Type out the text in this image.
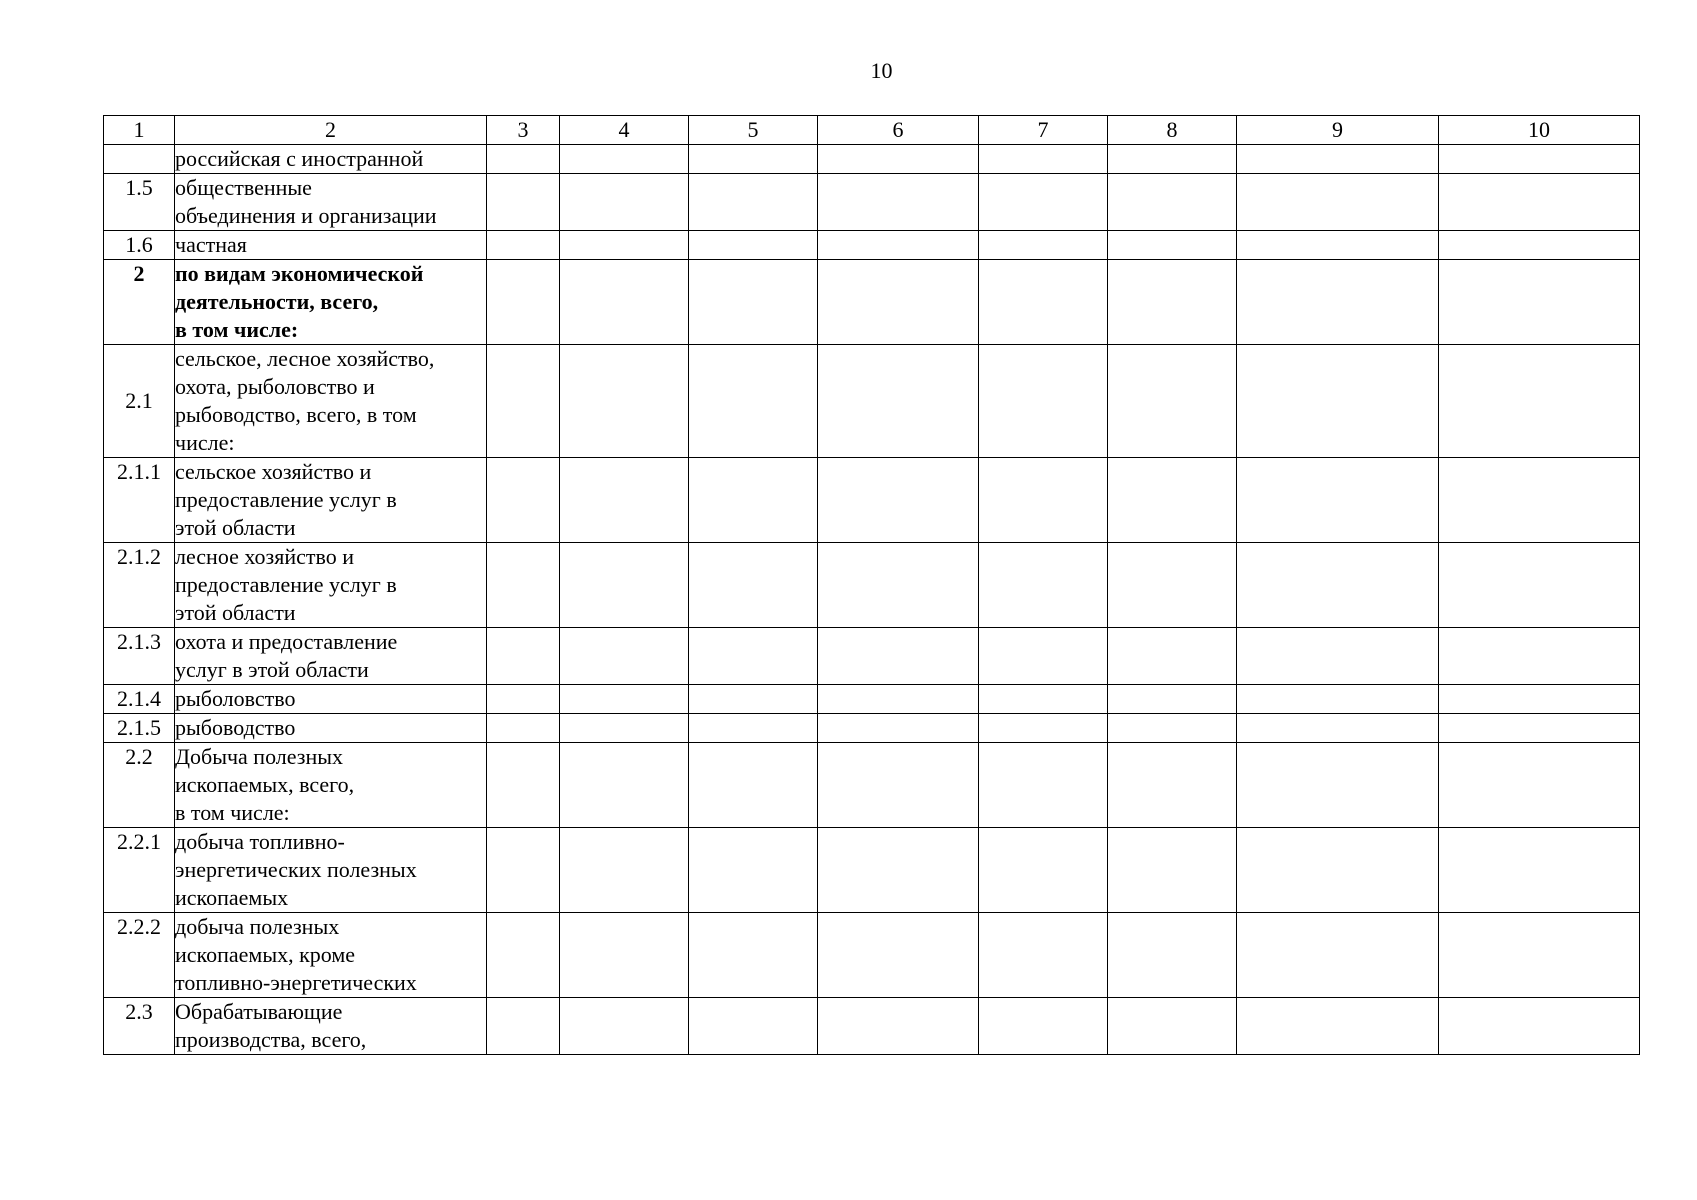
10
1	2	3	4	5	6	7	8	9	10

	российская с иностранной								

1.5	общественные
объединения и организации								

1.6	частная								

2	по видам экономической
деятельности, всего,
в том числе:								

2.1	сельское, лесное хозяйство,
охота, рыболовство и
рыбоводство, всего, в том
числе:								

2.1.1	сельское хозяйство и
предоставление услуг в
этой области								

2.1.2	лесное хозяйство и
предоставление услуг в
этой области								

2.1.3	охота и предоставление
услуг в этой области								

2.1.4	рыболовство								

2.1.5	рыбоводство								

2.2	Добыча полезных
ископаемых, всего,
в том числе:								

2.2.1	добыча топливно-
энергетических полезных
ископаемых								

2.2.2	добыча полезных
ископаемых, кроме
топливно-энергетических								

2.3	Обрабатывающие
производства, всего,								
